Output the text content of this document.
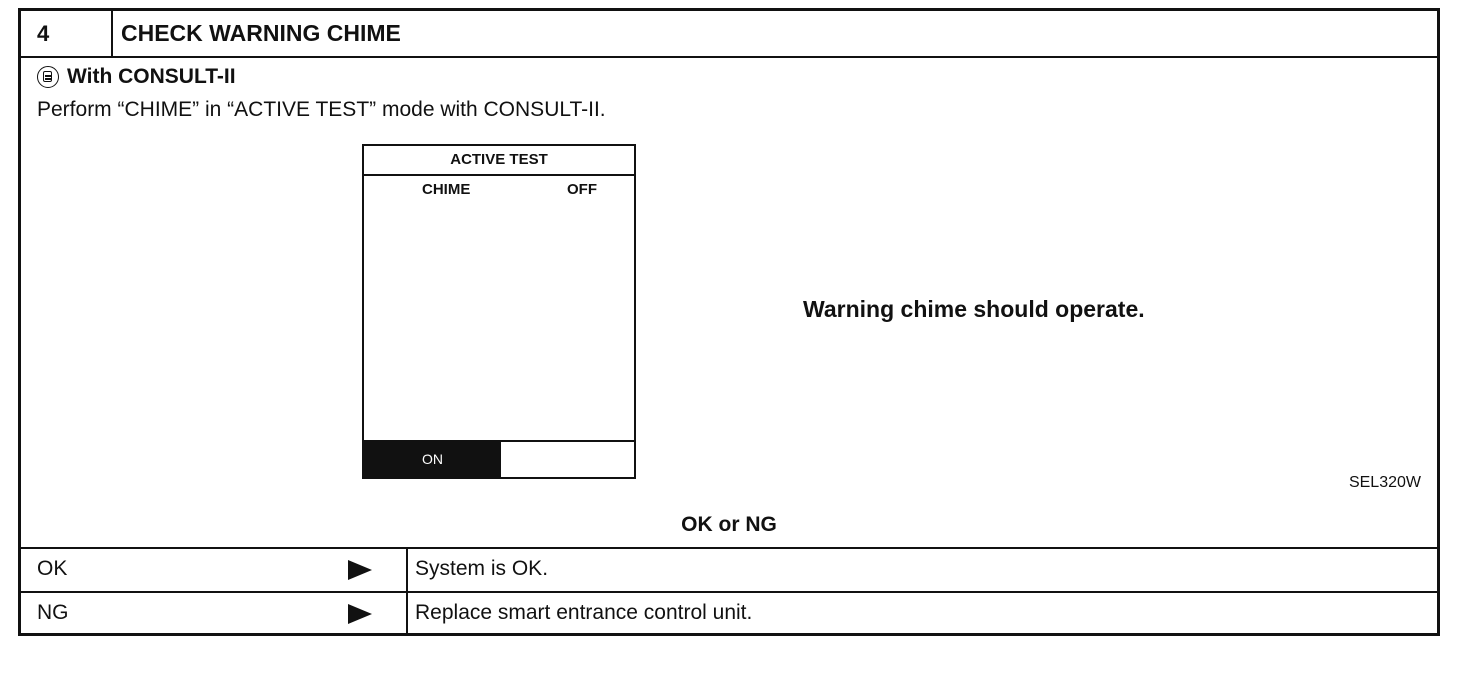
4	CHECK WARNING CHIME
With CONSULT-II
Perform “CHIME” in “ACTIVE TEST” mode with CONSULT-II.
ACTIVE TEST
CHIME	OFF
ON
Warning chime should operate.
SEL320W
OK or NG
OK	System is OK.
NG	Replace smart entrance control unit.
